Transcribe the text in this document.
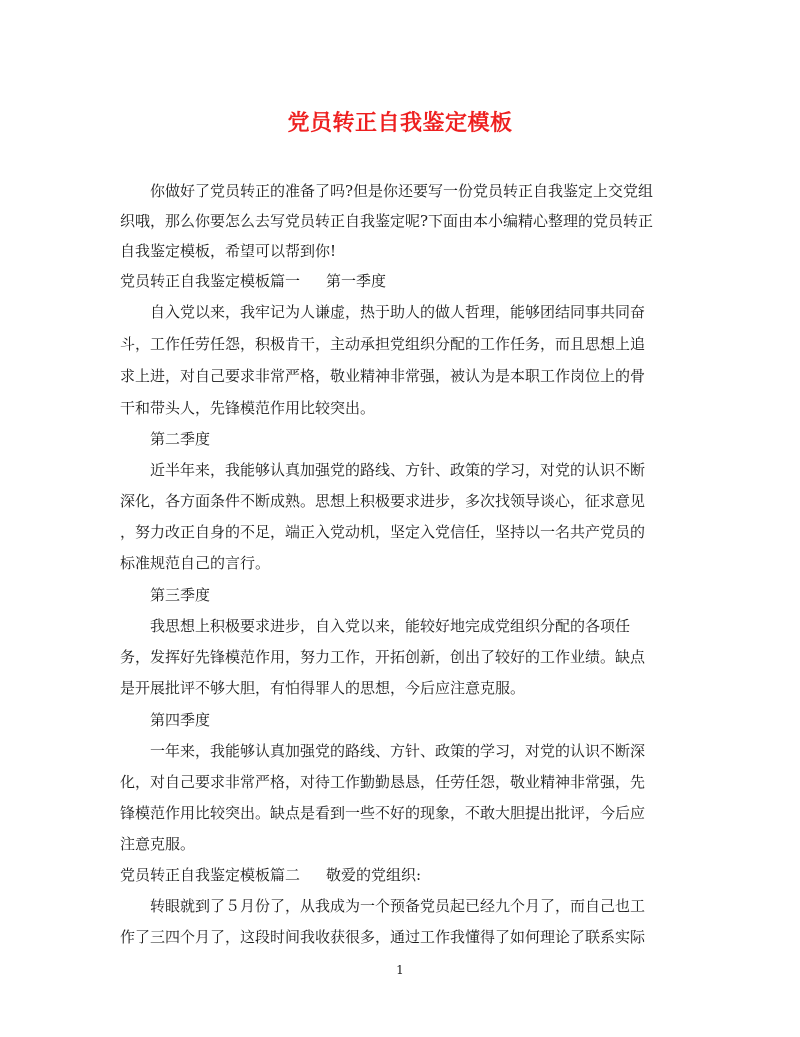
党员转正自我鉴定模板
你做好了党员转正的准备了吗?但是你还要写一份党员转正自我鉴定上交党组
织哦，那么你要怎么去写党员转正自我鉴定呢?下面由本小编精心整理的党员转正
自我鉴定模板，希望可以帮到你!
党员转正自我鉴定模板篇一 第一季度
自入党以来，我牢记为人谦虚，热于助人的做人哲理，能够团结同事共同奋
斗，工作任劳任怨，积极肯干，主动承担党组织分配的工作任务，而且思想上追
求上进，对自己要求非常严格，敬业精神非常强，被认为是本职工作岗位上的骨
干和带头人，先锋模范作用比较突出。
第二季度
近半年来，我能够认真加强党的路线、方针、政策的学习，对党的认识不断
深化，各方面条件不断成熟。思想上积极要求进步，多次找领导谈心，征求意见
，努力改正自身的不足，端正入党动机，坚定入党信任，坚持以一名共产党员的
标准规范自己的言行。
第三季度
我思想上积极要求进步，自入党以来，能较好地完成党组织分配的各项任
务，发挥好先锋模范作用，努力工作，开拓创新，创出了较好的工作业绩。缺点
是开展批评不够大胆，有怕得罪人的思想，今后应注意克服。
第四季度
一年来，我能够认真加强党的路线、方针、政策的学习，对党的认识不断深
化，对自己要求非常严格，对待工作勤勤恳恳，任劳任怨，敬业精神非常强，先
锋模范作用比较突出。缺点是看到一些不好的现象，不敢大胆提出批评，今后应
注意克服。
党员转正自我鉴定模板篇二 敬爱的党组织:
转眼就到了５月份了，从我成为一个预备党员起已经九个月了，而自己也工
作了三四个月了，这段时间我收获很多，通过工作我懂得了如何理论了联系实际
1
